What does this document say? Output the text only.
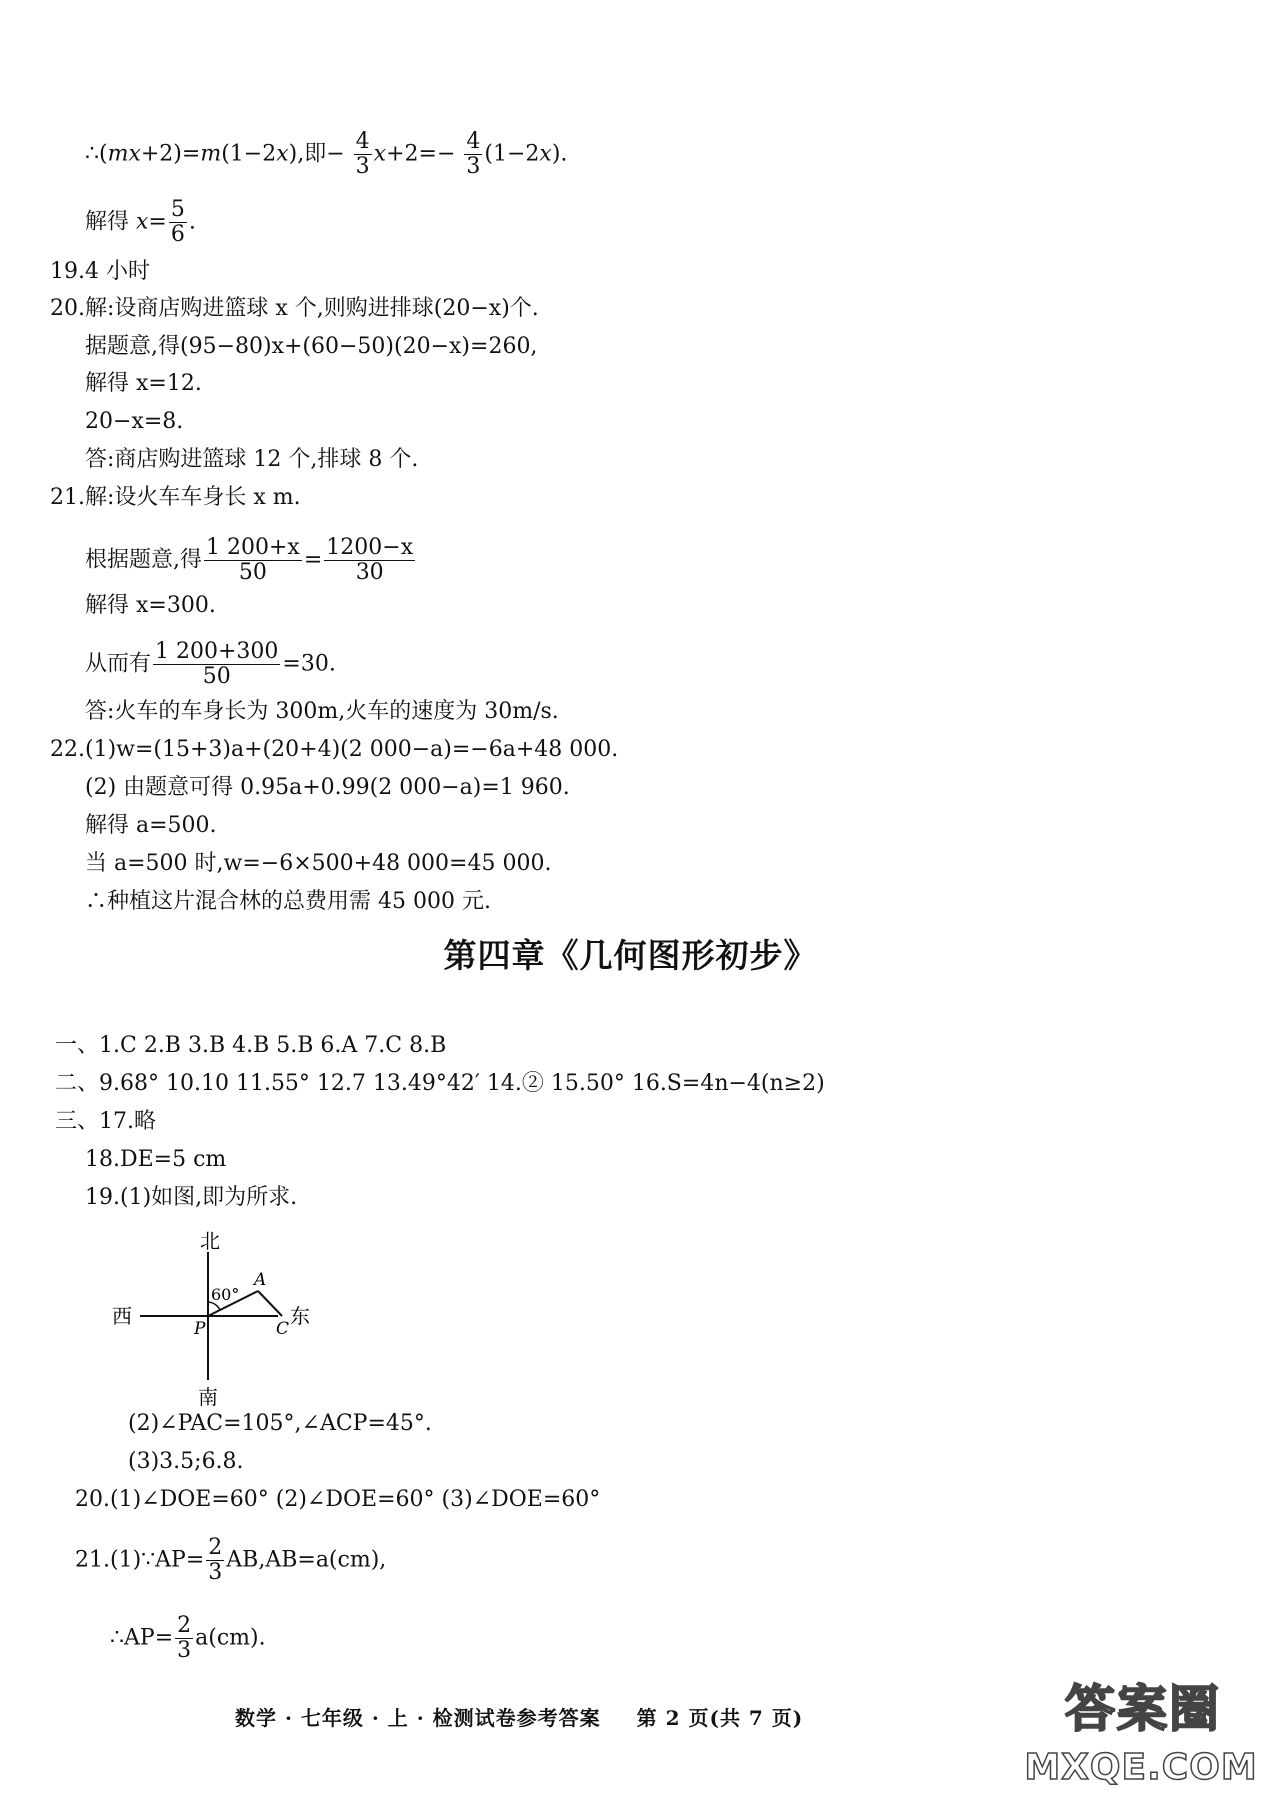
∴(mx+2)=m(1−2x),即− $\frac{4}{3} x+2=- \frac{4}{3} (1-2x)$.
解得 $x= \frac{5}{6}$ .
19.4 小时
20.解:设商店购进篮球 x 个,则购进排球(20−x)个.
据题意,得(95−80)x+(60−50)(20−x)=260,
解得 x=12.
20−x=8.
答:商店购进篮球 12 个,排球 8 个.
21.解:设火车车身长 x m.
根据题意,得 $\frac{1 200+x}{50} = \frac{1200-x}{30}$
解得 x=300.
从而有 $\frac{1 200+300}{50} =30$.
答:火车的车身长为 300m,火车的速度为 30m/s.
22.(1)w=(15+3)a+(20+4)(2 000−a)=−6a+48 000.
(2) 由题意可得 0.95a+0.99(2 000−a)=1 960.
解得 a=500.
当 a=500 时,w=−6×500+48 000=45 000.
∴种植这片混合林的总费用需 45 000 元.
第四章《几何图形初步》
一、1.C 2.B 3.B 4.B 5.B 6.A 7.C 8.B
二、9.68° 10.10 11.55° 12.7 13.49°42′ 14.② 15.50° 16.S=4n−4(n≥2)
三、17.略
18.DE=5 cm
19.(1)如图,即为所求.
北
南
西	东
60°
A
P	C
(2)∠PAC=105°,∠ACP=45°.
(3)3.5;6.8.
20.(1)∠DOE=60° (2)∠DOE=60° (3)∠DOE=60°
21.(1)∵AP= $\frac{2}{3} AB,AB=a(cm)$,
∴AP= $\frac{2}{3} a(cm)$.
数学 · 七年级 · 上 · 检测试卷参考答案 第 2 页(共 7 页)	答案圈
MXQE.COM
